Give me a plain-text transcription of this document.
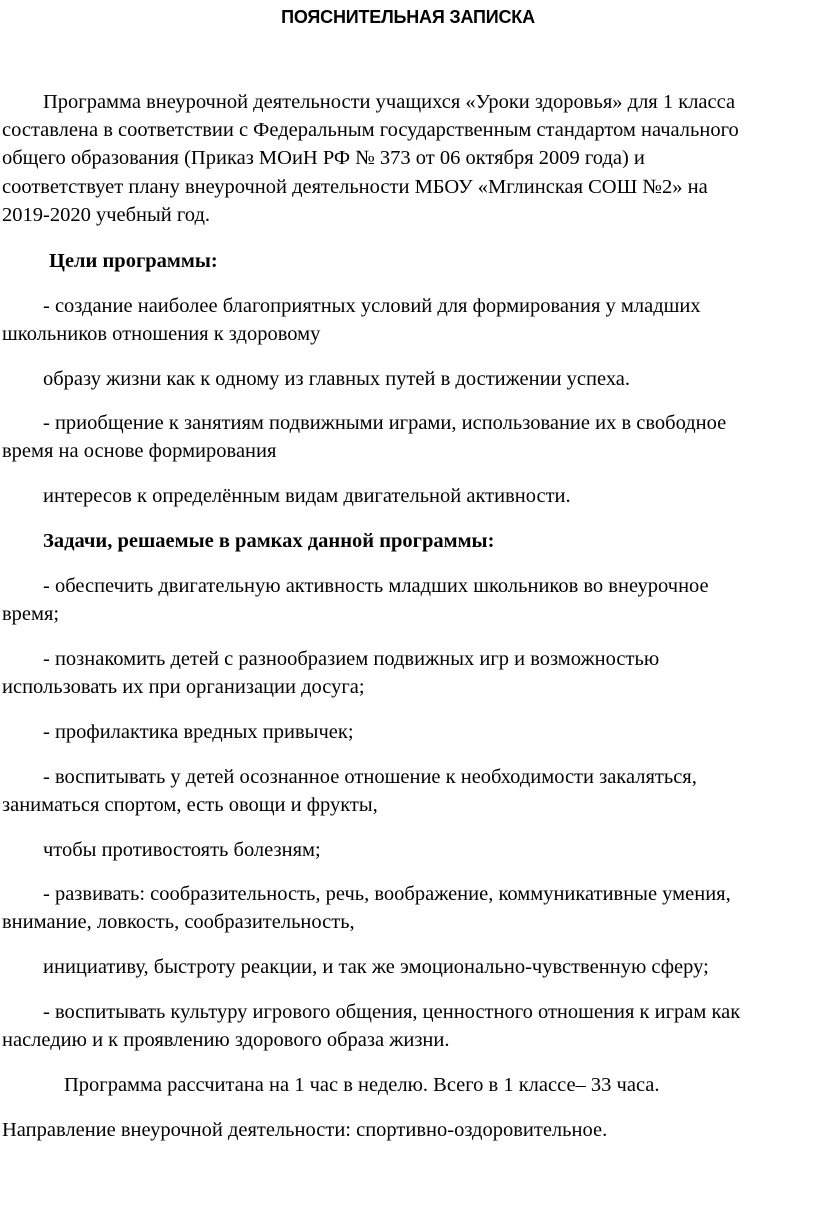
ПОЯСНИТЕЛЬНАЯ ЗАПИСКА
Программа внеурочной деятельности учащихся «Уроки здоровья» для 1 класса
составлена в соответствии с Федеральным государственным стандартом начального
общего образования (Приказ МОиН РФ № 373 от 06 октября 2009 года) и
соответствует плану внеурочной деятельности МБОУ «Мглинская СОШ №2» на
2019-2020 учебный год.
Цели программы:
- создание наиболее благоприятных условий для формирования у младших
школьников отношения к здоровому
образу жизни как к одному из главных путей в достижении успеха.
- приобщение к занятиям подвижными играми, использование их в свободное
время на основе формирования
интересов к определённым видам двигательной активности.
Задачи, решаемые в рамках данной программы:
- обеспечить двигательную активность младших школьников во внеурочное
время;
- познакомить детей с разнообразием подвижных игр и возможностью
использовать их при организации досуга;
- профилактика вредных привычек;
- воспитывать у детей осознанное отношение к необходимости закаляться,
заниматься спортом, есть овощи и фрукты,
чтобы противостоять болезням;
- развивать: сообразительность, речь, воображение, коммуникативные умения,
внимание, ловкость, сообразительность,
инициативу, быстроту реакции, и так же эмоционально-чувственную сферу;
- воспитывать культуру игрового общения, ценностного отношения к играм как
наследию и к проявлению здорового образа жизни.
Программа рассчитана на 1 час в неделю. Всего в 1 классе– 33 часа.
Направление внеурочной деятельности: спортивно-оздоровительное.
